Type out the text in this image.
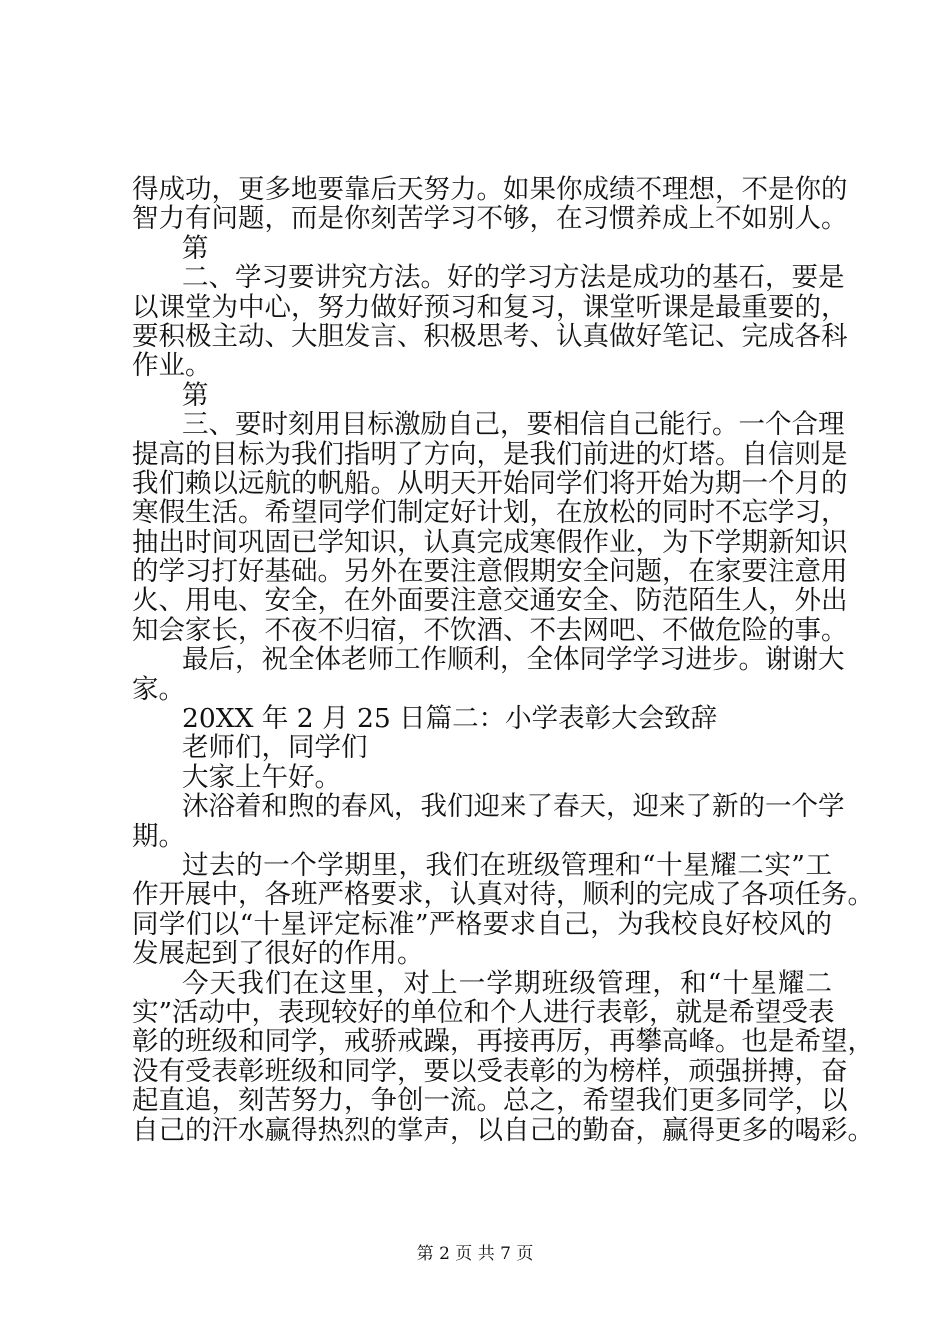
得成功，更多地要靠后天努力。如果你成绩不理想，不是你的
智力有问题，而是你刻苦学习不够，在习惯养成上不如别人。
第
二、学习要讲究方法。好的学习方法是成功的基石，要是
以课堂为中心，努力做好预习和复习，课堂听课是最重要的，
要积极主动、大胆发言、积极思考、认真做好笔记、完成各科
作业。
第
三、要时刻用目标激励自己，要相信自己能行。一个合理
提高的目标为我们指明了方向，是我们前进的灯塔。自信则是
我们赖以远航的帆船。从明天开始同学们将开始为期一个月的
寒假生活。希望同学们制定好计划，在放松的同时不忘学习，
抽出时间巩固已学知识，认真完成寒假作业，为下学期新知识
的学习打好基础。另外在要注意假期安全问题，在家要注意用
火、用电、安全，在外面要注意交通安全、防范陌生人，外出
知会家长，不夜不归宿，不饮酒、不去网吧、不做危险的事。
最后，祝全体老师工作顺利，全体同学学习进步。谢谢大
家。
20XX 年 2 月 25 日篇二：小学表彰大会致辞
老师们，同学们
大家上午好。
沐浴着和煦的春风，我们迎来了春天，迎来了新的一个学
期。
过去的一个学期里，我们在班级管理和“十星耀二实”工
作开展中，各班严格要求，认真对待，顺利的完成了各项任务。
同学们以“十星评定标准”严格要求自己，为我校良好校风的
发展起到了很好的作用。
今天我们在这里，对上一学期班级管理，和“十星耀二
实”活动中，表现较好的单位和个人进行表彰，就是希望受表
彰的班级和同学，戒骄戒躁，再接再厉，再攀高峰。也是希望，
没有受表彰班级和同学，要以受表彰的为榜样，顽强拼搏，奋
起直追，刻苦努力，争创一流。总之，希望我们更多同学，以
自己的汗水赢得热烈的掌声，以自己的勤奋，赢得更多的喝彩。
第 2 页 共 7 页
